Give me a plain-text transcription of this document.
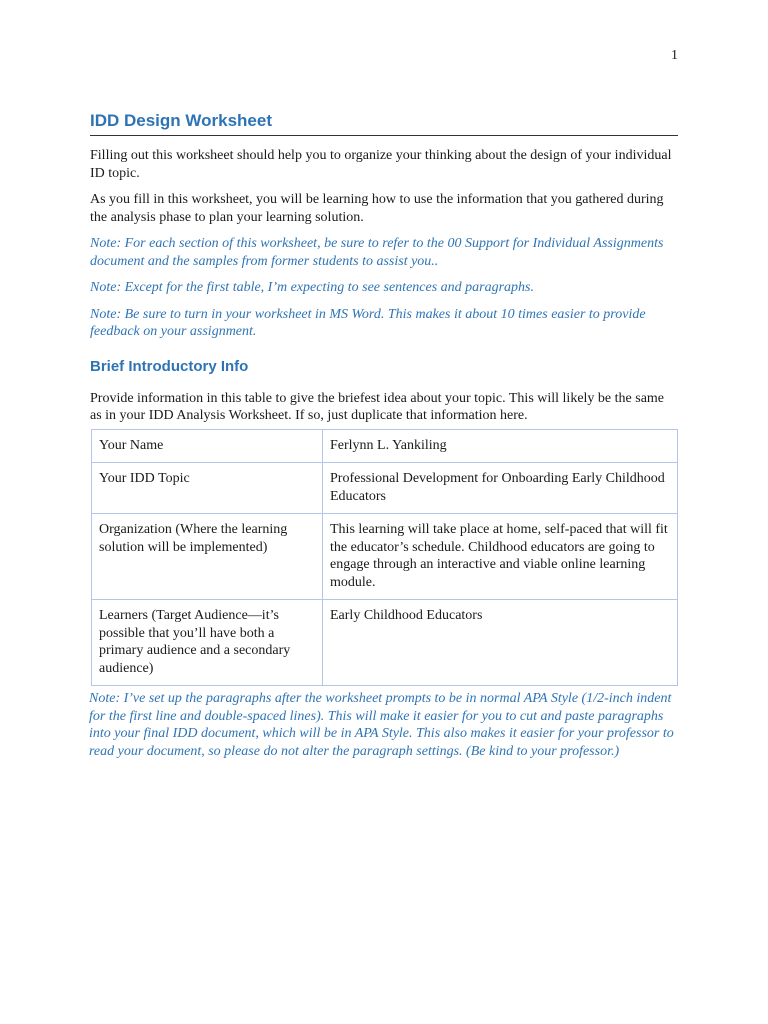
1
IDD Design Worksheet

Filling out this worksheet should help you to organize your thinking about the design of your individual ID topic.

As you fill in this worksheet, you will be learning how to use the information that you gathered during the analysis phase to plan your learning solution.

Note: For each section of this worksheet, be sure to refer to the 00 Support for Individual Assignments document and the samples from former students to assist you..

Note: Except for the first table, I’m expecting to see sentences and paragraphs.

Note: Be sure to turn in your worksheet in MS Word. This makes it about 10 times easier to provide feedback on your assignment.

Brief Introductory Info

Provide information in this table to give the briefest idea about your topic. This will likely be the same as in your IDD Analysis Worksheet. If so, just duplicate that information here.

Your Name	Ferlynn L. Yankiling
Your IDD Topic	Professional Development for Onboarding Early Childhood Educators
Organization (Where the learning solution will be implemented)	This learning will take place at home, self-paced that will fit the educator’s schedule. Childhood educators are going to engage through an interactive and viable online learning module.
Learners (Target Audience—it’s possible that you’ll have both a primary audience and a secondary audience)	Early Childhood Educators

Note: I’ve set up the paragraphs after the worksheet prompts to be in normal APA Style (1/2-inch indent for the first line and double-spaced lines). This will make it easier for you to cut and paste paragraphs into your final IDD document, which will be in APA Style. This also makes it easier for your professor to read your document, so please do not alter the paragraph settings. (Be kind to your professor.)
